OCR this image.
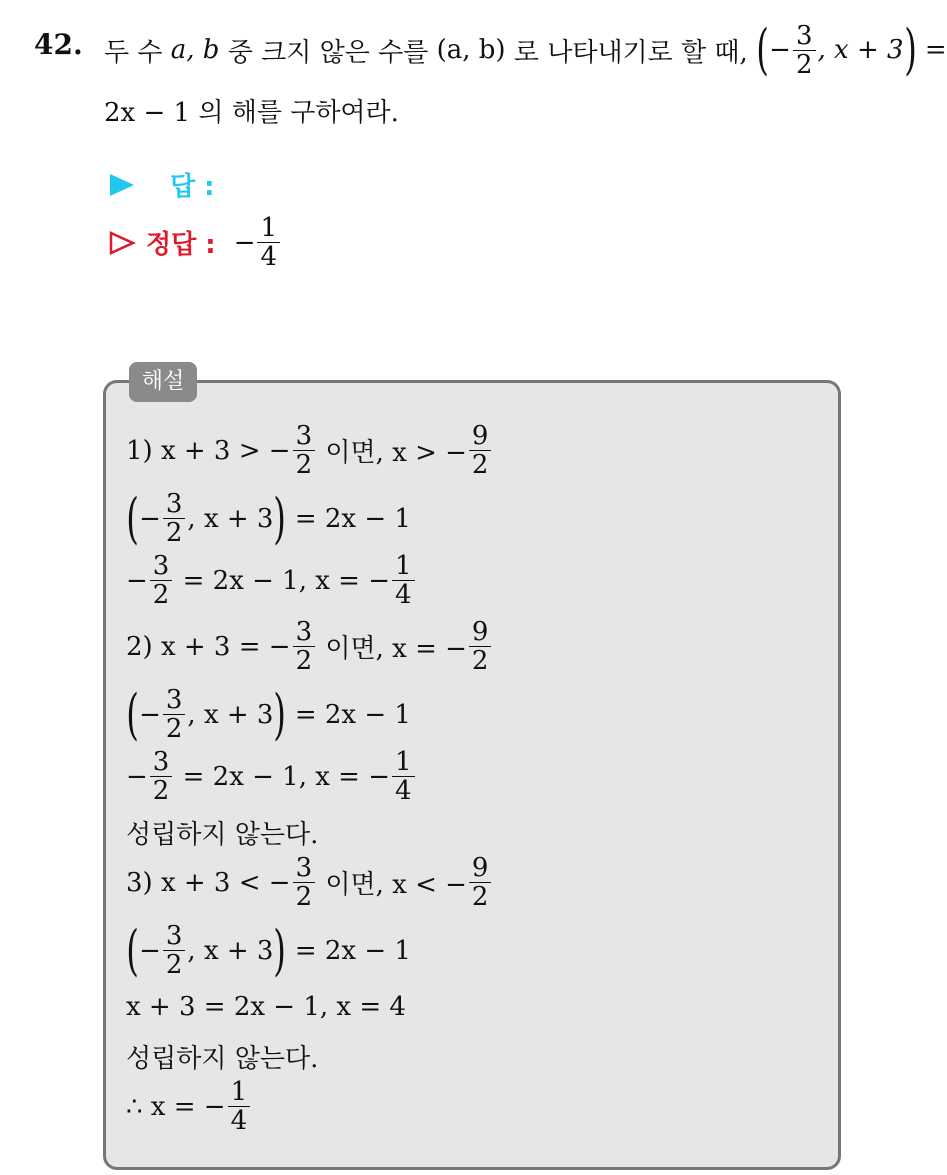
42. 두 수
a, b
중 크지 않은 수를
(a, b)
로 나타내기로 할 때,
( − $\frac{3}{2}$ , x + 3 )
=
2x − 1 의 해를 구하여라.
답 :
정답 : − $\frac{1}{4}$
해설
1) x + 3 > − $\frac{3}{2}$
이면, x > − $\frac{9}{2}$
( − $\frac{3}{2}$ , x + 3 )
= 2x − 1
− $\frac{3}{2}$
= 2x − 1, x = − $\frac{1}{4}$
2) x + 3 = − $\frac{3}{2}$
이면, x = − $\frac{9}{2}$
( − $\frac{3}{2}$ , x + 3 )
= 2x − 1
− $\frac{3}{2}$
= 2x − 1, x = − $\frac{1}{4}$
성립하지 않는다.
3) x + 3 < − $\frac{3}{2}$
이면, x < − $\frac{9}{2}$
( − $\frac{3}{2}$ , x + 3 )
= 2x − 1
x + 3 = 2x − 1, x = 4
성립하지 않는다.
∴ x = − $\frac{1}{4}$
